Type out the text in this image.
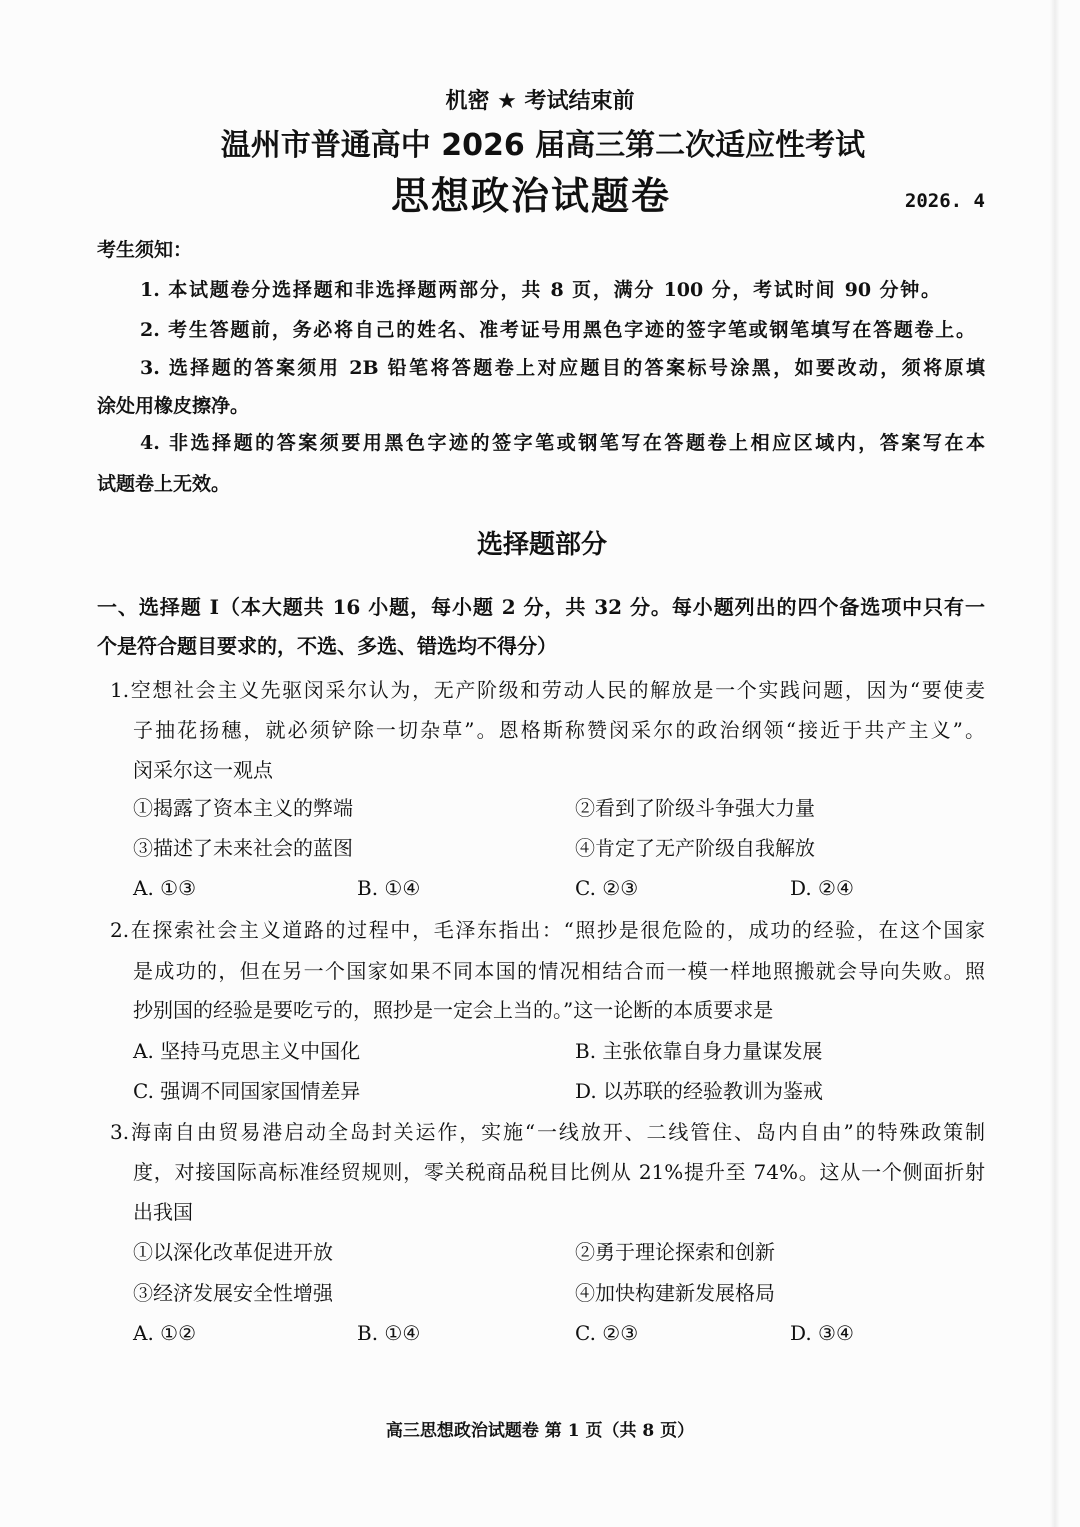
机密 ★ 考试结束前
温州市普通高中 2026 届高三第二次适应性考试
思想政治试题卷	2026. 4
考生须知：
1. 本试题卷分选择题和非选择题两部分，共 8 页，满分 100 分，考试时间 90 分钟。
2. 考生答题前，务必将自己的姓名、准考证号用黑色字迹的签字笔或钢笔填写在答题卷上。
3. 选择题的答案须用 2B 铅笔将答题卷上对应题目的答案标号涂黑，如要改动，须将原填
涂处用橡皮擦净。
4. 非选择题的答案须要用黑色字迹的签字笔或钢笔写在答题卷上相应区域内，答案写在本
试题卷上无效。
选择题部分
一、选择题 I（本大题共 16 小题，每小题 2 分，共 32 分。每小题列出的四个备选项中只有一
个是符合题目要求的，不选、多选、错选均不得分）
1.空想社会主义先驱闵采尔认为，无产阶级和劳动人民的解放是一个实践问题，因为“要使麦
子抽花扬穗，就必须铲除一切杂草”。恩格斯称赞闵采尔的政治纲领“接近于共产主义”。
闵采尔这一观点
①揭露了资本主义的弊端	②看到了阶级斗争强大力量
③描述了未来社会的蓝图	④肯定了无产阶级自我解放
A. ①③	B. ①④	C. ②③	D. ②④
2.在探索社会主义道路的过程中，毛泽东指出：“照抄是很危险的，成功的经验，在这个国家
是成功的，但在另一个国家如果不同本国的情况相结合而一模一样地照搬就会导向失败。照
抄别国的经验是要吃亏的，照抄是一定会上当的。”这一论断的本质要求是
A. 坚持马克思主义中国化	B. 主张依靠自身力量谋发展
C. 强调不同国家国情差异	D. 以苏联的经验教训为鉴戒
3.海南自由贸易港启动全岛封关运作，实施“一线放开、二线管住、岛内自由”的特殊政策制
度，对接国际高标准经贸规则，零关税商品税目比例从 21%提升至 74%。这从一个侧面折射
出我国
①以深化改革促进开放	②勇于理论探索和创新
③经济发展安全性增强	④加快构建新发展格局
A. ①②	B. ①④	C. ②③	D. ③④
高三思想政治试题卷 第 1 页（共 8 页）
